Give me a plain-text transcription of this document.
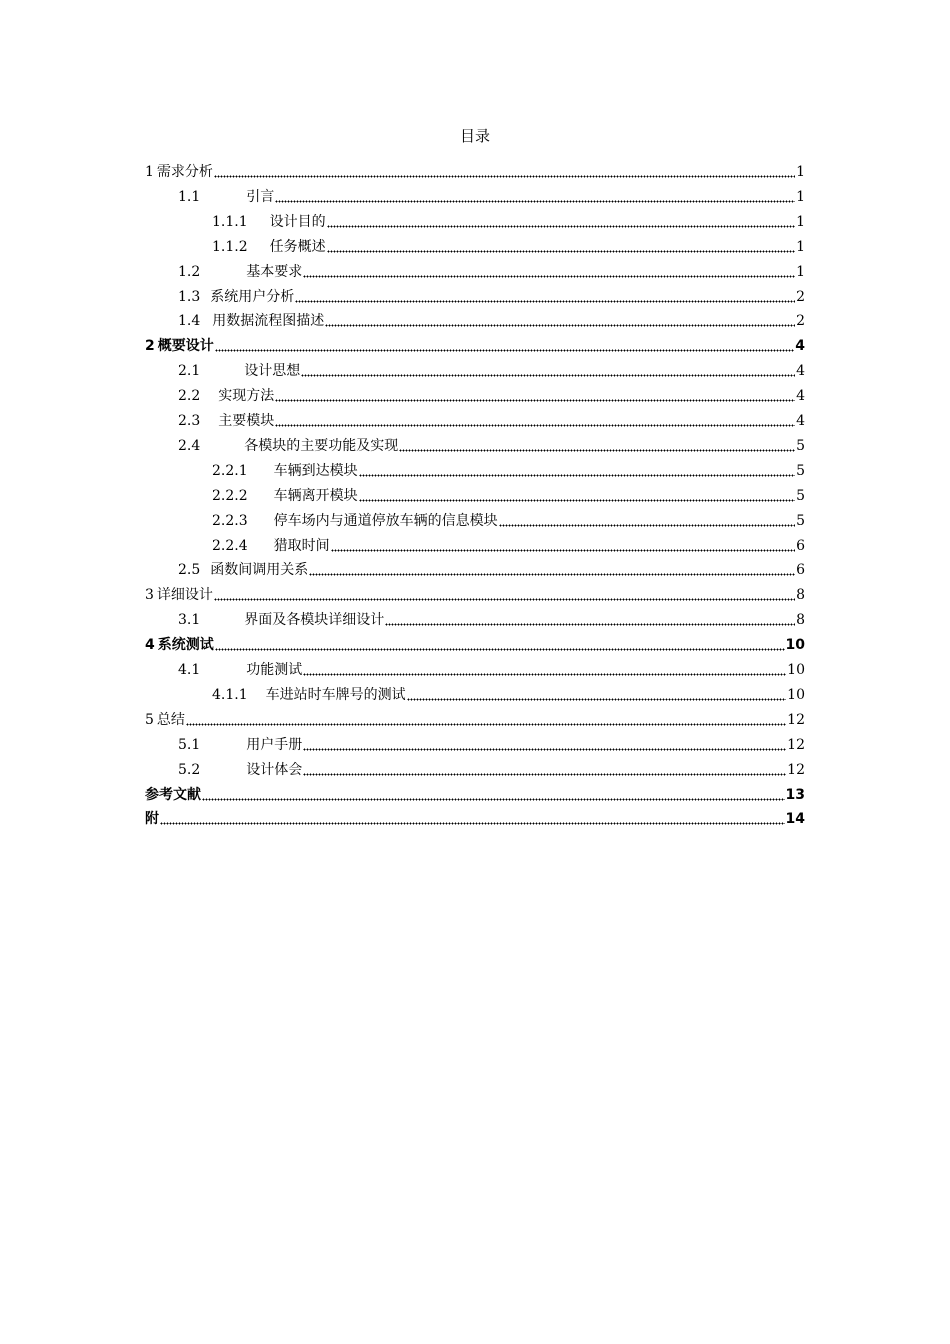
目录
1 需求分析	1
1.1	引言	1
1.1.1 设计目的	1
1.1.2 任务概述	1
1.2	基本要求	1
1.3 系统用户分析	2
1.4 用数据流程图描述	2
2 概要设计	4
2.1	设计思想	4
2.2 实现方法	4
2.3 主要模块	4
2.4	各模块的主要功能及实现	5
2.2.1 车辆到达模块	5
2.2.2 车辆离开模块	5
2.2.3 停车场内与通道停放车辆的信息模块	5
2.2.4 猎取时间	6
2.5 函数间调用关系	6
3 详细设计	8
3.1	界面及各模块详细设计	8
4 系统测试	10
4.1	功能测试	10
4.1.1 车进站时车牌号的测试	10
5 总结	12
5.1	用户手册	12
5.2	设计体会	12
参考文献	13
附	14
